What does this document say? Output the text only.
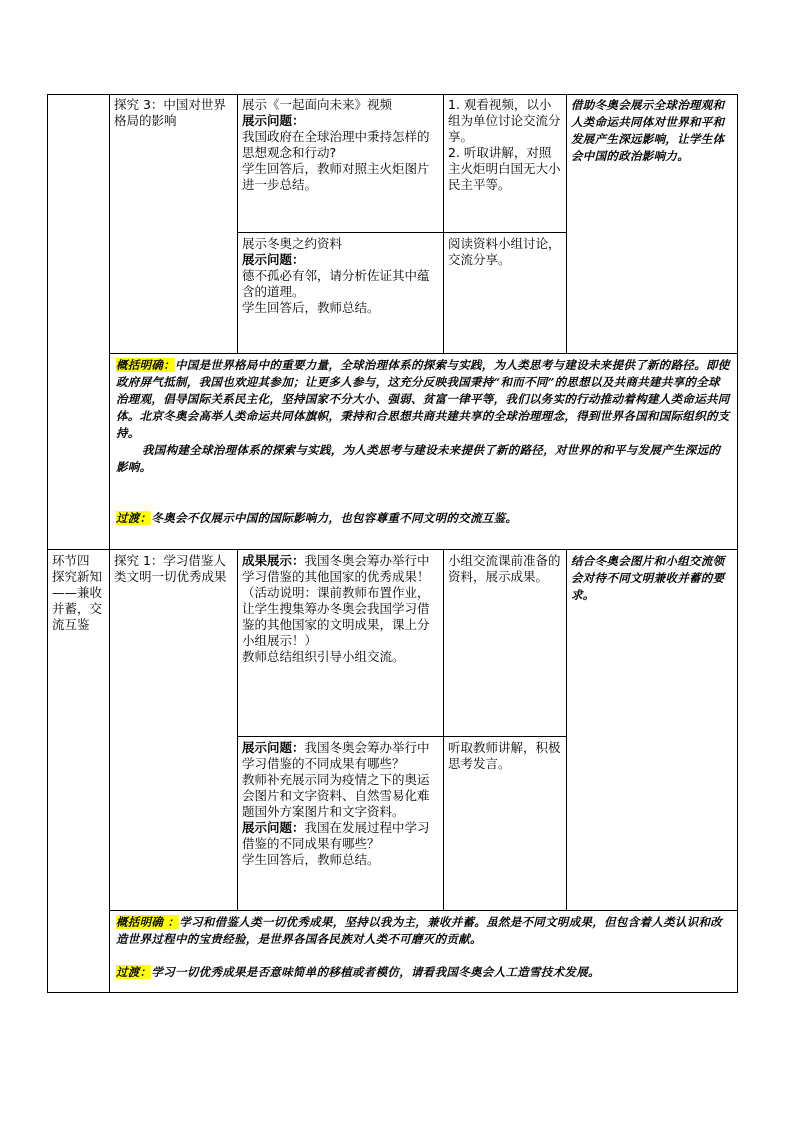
探究 3：中国对世界格局的影响

展示《一起面向未来》视频

展示问题：

我国政府在全球治理中秉持怎样的思想观念和行动?

学生回答后，教师对照主火炬图片进一步总结。

1. 观看视频，以小组为单位讨论交流分享。

2. 听取讲解，对照主火炬明白国无大小民主平等。

借助冬奥会展示全球治理观和人类命运共同体对世界和平和发展产生深远影响，让学生体会中国的政治影响力。

展示冬奥之约资料

展示问题：

德不孤必有邻，请分析佐证其中蕴含的道理。

学生回答后，教师总结。

阅读资料小组讨论，交流分享。

概括明确：中国是世界格局中的重要力量，全球治理体系的探索与实践，为人类思考与建设未来提供了新的路径。即使政府屏气抵制，我国也欢迎其参加；让更多人参与，这充分反映我国秉持“和而不同”的思想以及共商共建共享的全球治理观，倡导国际关系民主化，坚持国家不分大小、强弱、贫富一律平等，我们以务实的行动推动着构建人类命运共同体。北京冬奥会高举人类命运共同体旗帜，秉持和合思想共商共建共享的全球治理理念，得到世界各国和国际组织的支持。

我国构建全球治理体系的探索与实践，为人类思考与建设未来提供了新的路径，对世界的和平与发展产生深远的影响。

过渡：冬奥会不仅展示中国的国际影响力，也包容尊重不同文明的交流互鉴。

环节四 探究新知——兼收并蓄，交流互鉴
探究 1：学习借鉴人类文明一切优秀成果

成果展示：我国冬奥会筹办举行中学习借鉴的其他国家的优秀成果！

（活动说明：课前教师布置作业，让学生搜集筹办冬奥会我国学习借鉴的其他国家的文明成果，课上分小组展示！）

教师总结组织引导小组交流。

小组交流课前准备的资料，展示成果。

结合冬奥会图片和小组交流领会对待不同文明兼收并蓄的要求。

展示问题：我国冬奥会筹办举行中学习借鉴的不同成果有哪些？

教师补充展示同为疫情之下的奥运会图片和文字资料、自然雪易化难题国外方案图片和文字资料。

展示问题：我国在发展过程中学习借鉴的不同成果有哪些？

学生回答后，教师总结。

听取教师讲解，积极思考发言。

概括明确 ：学习和借鉴人类一切优秀成果，坚持以我为主，兼收并蓄。虽然是不同文明成果，但包含着人类认识和改造世界过程中的宝贵经验，是世界各国各民族对人类不可磨灭的贡献。

过渡：学习一切优秀成果是否意味简单的移植或者模仿，请看我国冬奥会人工造雪技术发展。
